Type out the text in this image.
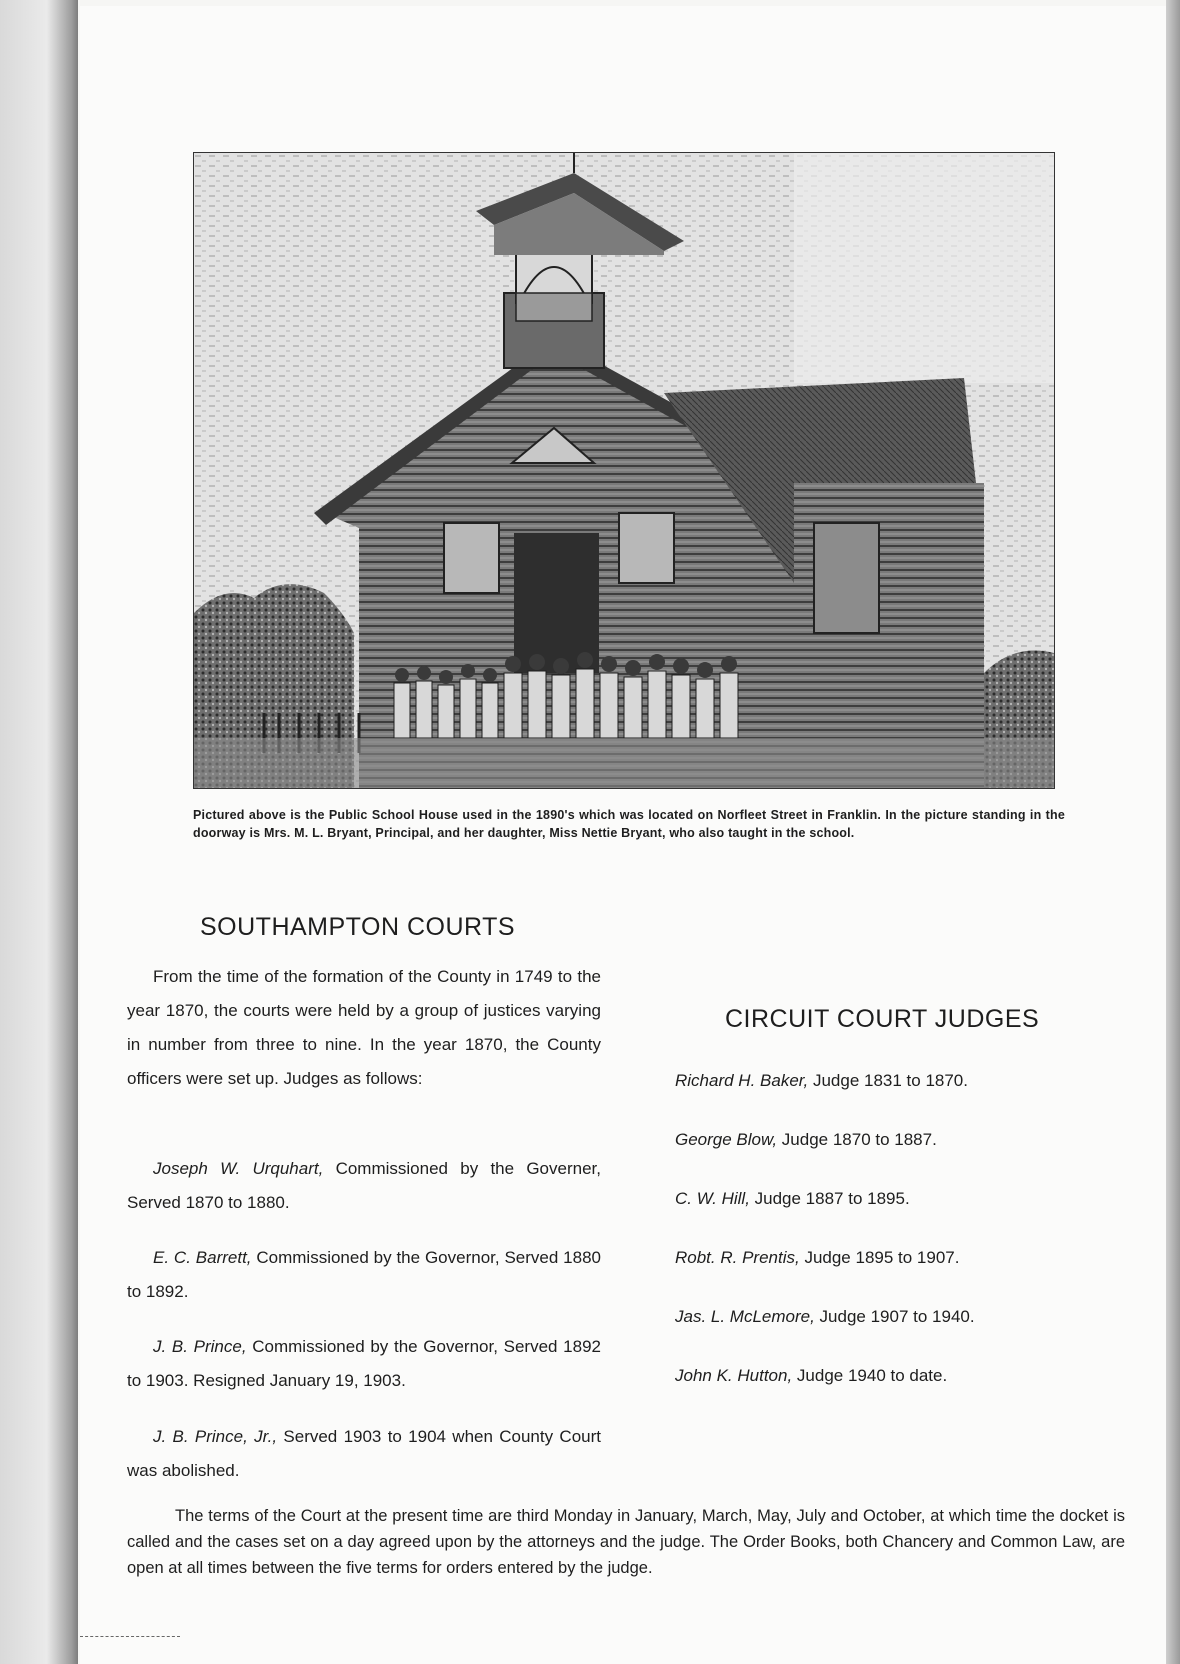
Pictured above is the Public School House used in the 1890's which was located on Norfleet Street in Franklin. In the picture standing in the doorway is Mrs. M. L. Bryant, Principal, and her daughter, Miss Nettie Bryant, who also taught in the school.
SOUTHAMPTON COURTS

From the time of the formation of the County in 1749 to the year 1870, the courts were held by a group of justices varying in number from three to nine. In the year 1870, the County officers were set up. Judges as follows:

Joseph W. Urquhart, Commissioned by the Governer, Served 1870 to 1880.

E. C. Barrett, Commissioned by the Governor, Served 1880 to 1892.

J. B. Prince, Commissioned by the Governor, Served 1892 to 1903. Resigned January 19, 1903.

J. B. Prince, Jr., Served 1903 to 1904 when County Court was abolished.

CIRCUIT COURT JUDGES
Richard H. Baker, Judge 1831 to 1870.
George Blow, Judge 1870 to 1887.
C. W. Hill, Judge 1887 to 1895.
Robt. R. Prentis, Judge 1895 to 1907.
Jas. L. McLemore, Judge 1907 to 1940.
John K. Hutton, Judge 1940 to date.
The terms of the Court at the present time are third Monday in January, March, May, July and October, at which time the docket is called and the cases set on a day agreed upon by the attorneys and the judge. The Order Books, both Chancery and Common Law, are open at all times between the five terms for orders entered by the judge.
